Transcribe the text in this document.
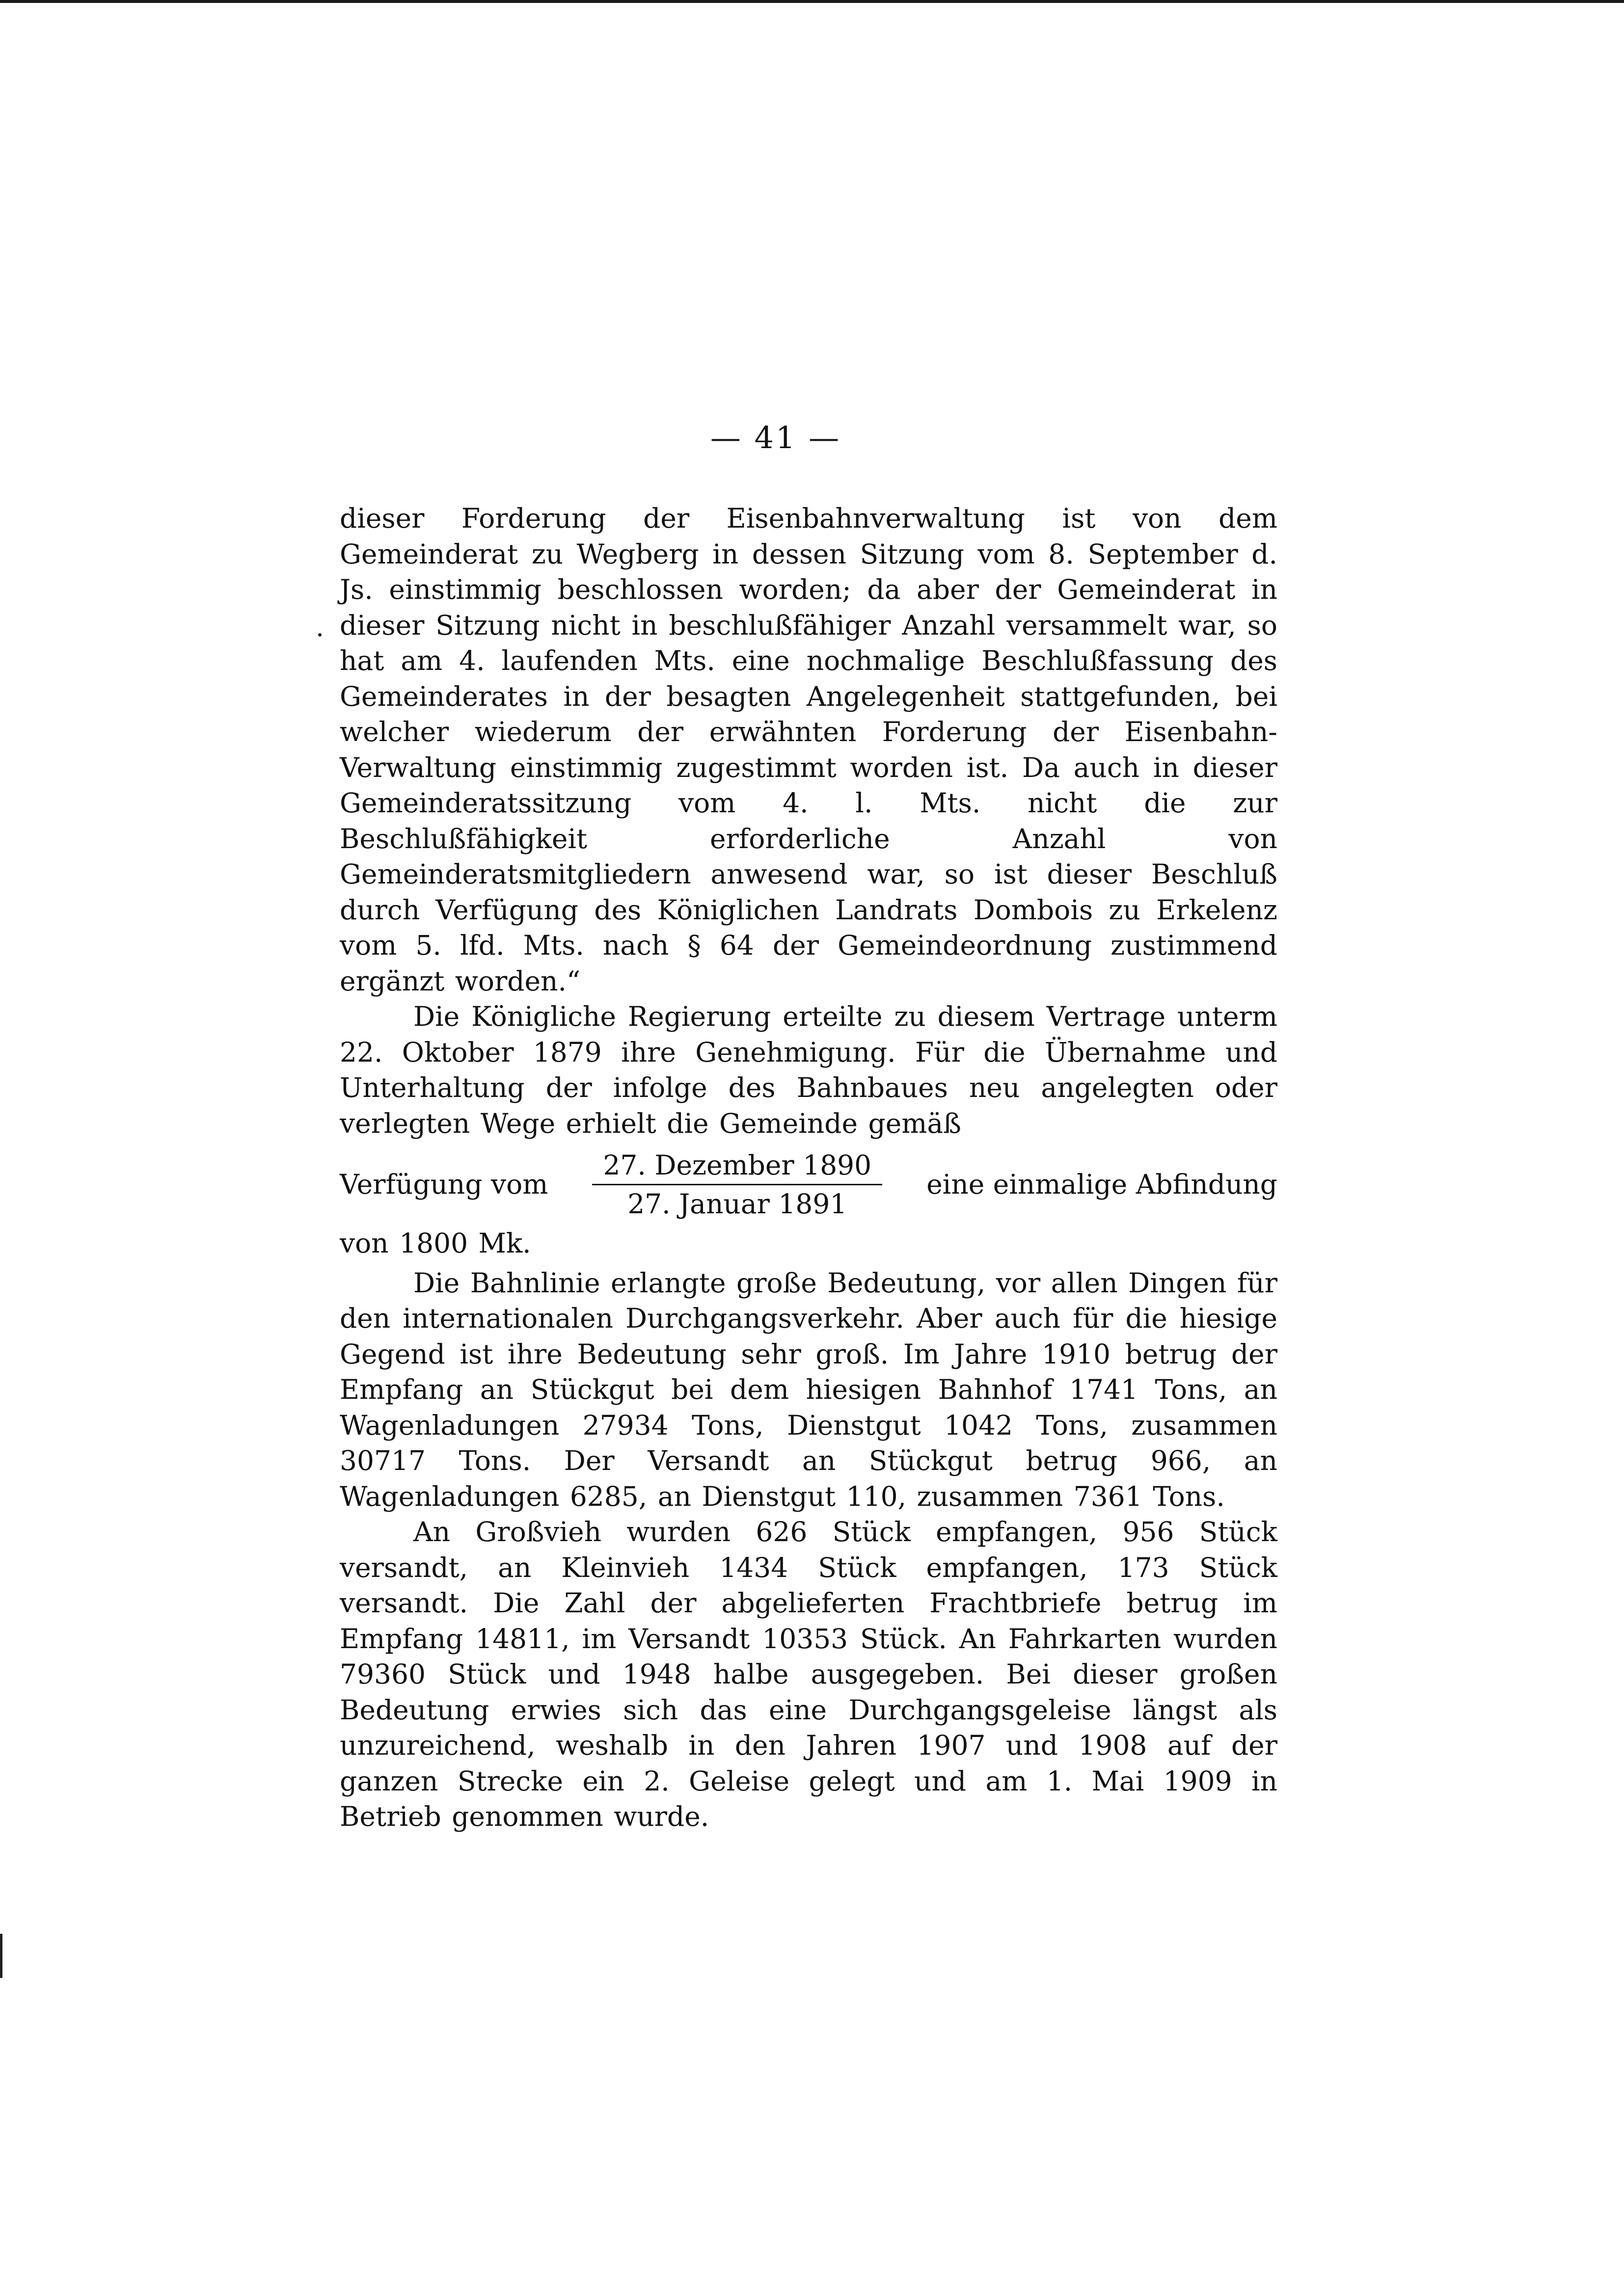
— 41 —

dieser Forderung der Eisenbahnverwaltung ist von dem Gemeinderat zu Wegberg in dessen Sitzung vom 8. September d. Js. einstimmig beschlossen worden; da aber der Gemeinderat in dieser Sitzung nicht in beschlußfähiger Anzahl versammelt war, so hat am 4. laufenden Mts. eine nochmalige Beschlußfassung des Gemeinderates in der besagten Angelegenheit stattgefunden, bei welcher wiederum der erwähnten Forderung der Eisenbahn-Verwaltung einstimmig zugestimmt worden ist. Da auch in dieser Gemeinderatssitzung vom 4. l. Mts. nicht die zur Beschlußfähigkeit erforderliche Anzahl von Gemeinderatsmitgliedern anwesend war, so ist dieser Beschluß durch Verfügung des Königlichen Landrats Dombois zu Erkelenz vom 5. lfd. Mts. nach § 64 der Gemeindeordnung zustimmend ergänzt worden.“

Die Königliche Regierung erteilte zu diesem Vertrage unterm 22. Oktober 1879 ihre Genehmigung. Für die Übernahme und Unterhaltung der infolge des Bahnbaues neu angelegten oder verlegten Wege erhielt die Gemeinde gemäß

Verfügung vom $\frac{\text{27. Dezember 1890}}{\text{27. Januar 1891}}$ eine einmalige Abfindung

von 1800 Mk.

Die Bahnlinie erlangte große Bedeutung, vor allen Dingen für den internationalen Durchgangsverkehr. Aber auch für die hiesige Gegend ist ihre Bedeutung sehr groß. Im Jahre 1910 betrug der Empfang an Stückgut bei dem hiesigen Bahnhof 1741 Tons, an Wagenladungen 27934 Tons, Dienstgut 1042 Tons, zusammen 30717 Tons. Der Versandt an Stückgut betrug 966, an Wagenladungen 6285, an Dienstgut 110, zusammen 7361 Tons.

An Großvieh wurden 626 Stück empfangen, 956 Stück versandt, an Kleinvieh 1434 Stück empfangen, 173 Stück versandt. Die Zahl der abgelieferten Frachtbriefe betrug im Empfang 14811, im Versandt 10353 Stück. An Fahrkarten wurden 79360 Stück und 1948 halbe ausgegeben. Bei dieser großen Bedeutung erwies sich das eine Durchgangsgeleise längst als unzureichend, weshalb in den Jahren 1907 und 1908 auf der ganzen Strecke ein 2. Geleise gelegt und am 1. Mai 1909 in Betrieb genommen wurde.
